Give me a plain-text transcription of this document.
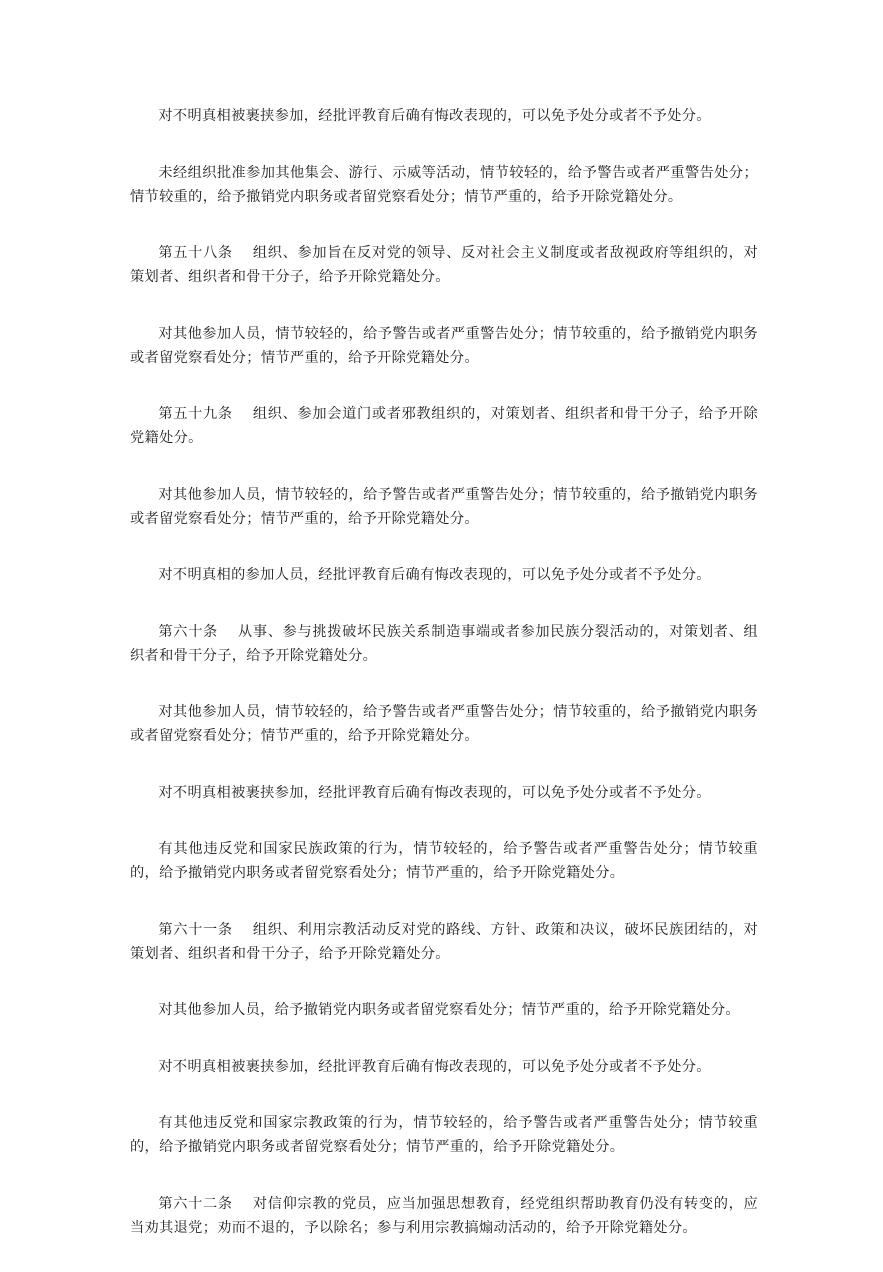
对不明真相被裹挟参加，经批评教育后确有悔改表现的，可以免予处分或者不予处分。

未经组织批准参加其他集会、游行、示威等活动，情节较轻的，给予警告或者严重警告处分；情节较重的，给予撤销党内职务或者留党察看处分；情节严重的，给予开除党籍处分。

第五十八条 组织、参加旨在反对党的领导、反对社会主义制度或者敌视政府等组织的，对策划者、组织者和骨干分子，给予开除党籍处分。

对其他参加人员，情节较轻的，给予警告或者严重警告处分；情节较重的，给予撤销党内职务或者留党察看处分；情节严重的，给予开除党籍处分。

第五十九条 组织、参加会道门或者邪教组织的，对策划者、组织者和骨干分子，给予开除党籍处分。

对其他参加人员，情节较轻的，给予警告或者严重警告处分；情节较重的，给予撤销党内职务或者留党察看处分；情节严重的，给予开除党籍处分。

对不明真相的参加人员，经批评教育后确有悔改表现的，可以免予处分或者不予处分。

第六十条 从事、参与挑拨破坏民族关系制造事端或者参加民族分裂活动的，对策划者、组织者和骨干分子，给予开除党籍处分。

对其他参加人员，情节较轻的，给予警告或者严重警告处分；情节较重的，给予撤销党内职务或者留党察看处分；情节严重的，给予开除党籍处分。

对不明真相被裹挟参加，经批评教育后确有悔改表现的，可以免予处分或者不予处分。

有其他违反党和国家民族政策的行为，情节较轻的，给予警告或者严重警告处分；情节较重的，给予撤销党内职务或者留党察看处分；情节严重的，给予开除党籍处分。

第六十一条 组织、利用宗教活动反对党的路线、方针、政策和决议，破坏民族团结的，对策划者、组织者和骨干分子，给予开除党籍处分。

对其他参加人员，给予撤销党内职务或者留党察看处分；情节严重的，给予开除党籍处分。

对不明真相被裹挟参加，经批评教育后确有悔改表现的，可以免予处分或者不予处分。

有其他违反党和国家宗教政策的行为，情节较轻的，给予警告或者严重警告处分；情节较重的，给予撤销党内职务或者留党察看处分；情节严重的，给予开除党籍处分。

第六十二条 对信仰宗教的党员，应当加强思想教育，经党组织帮助教育仍没有转变的，应当劝其退党；劝而不退的，予以除名；参与利用宗教搞煽动活动的，给予开除党籍处分。
